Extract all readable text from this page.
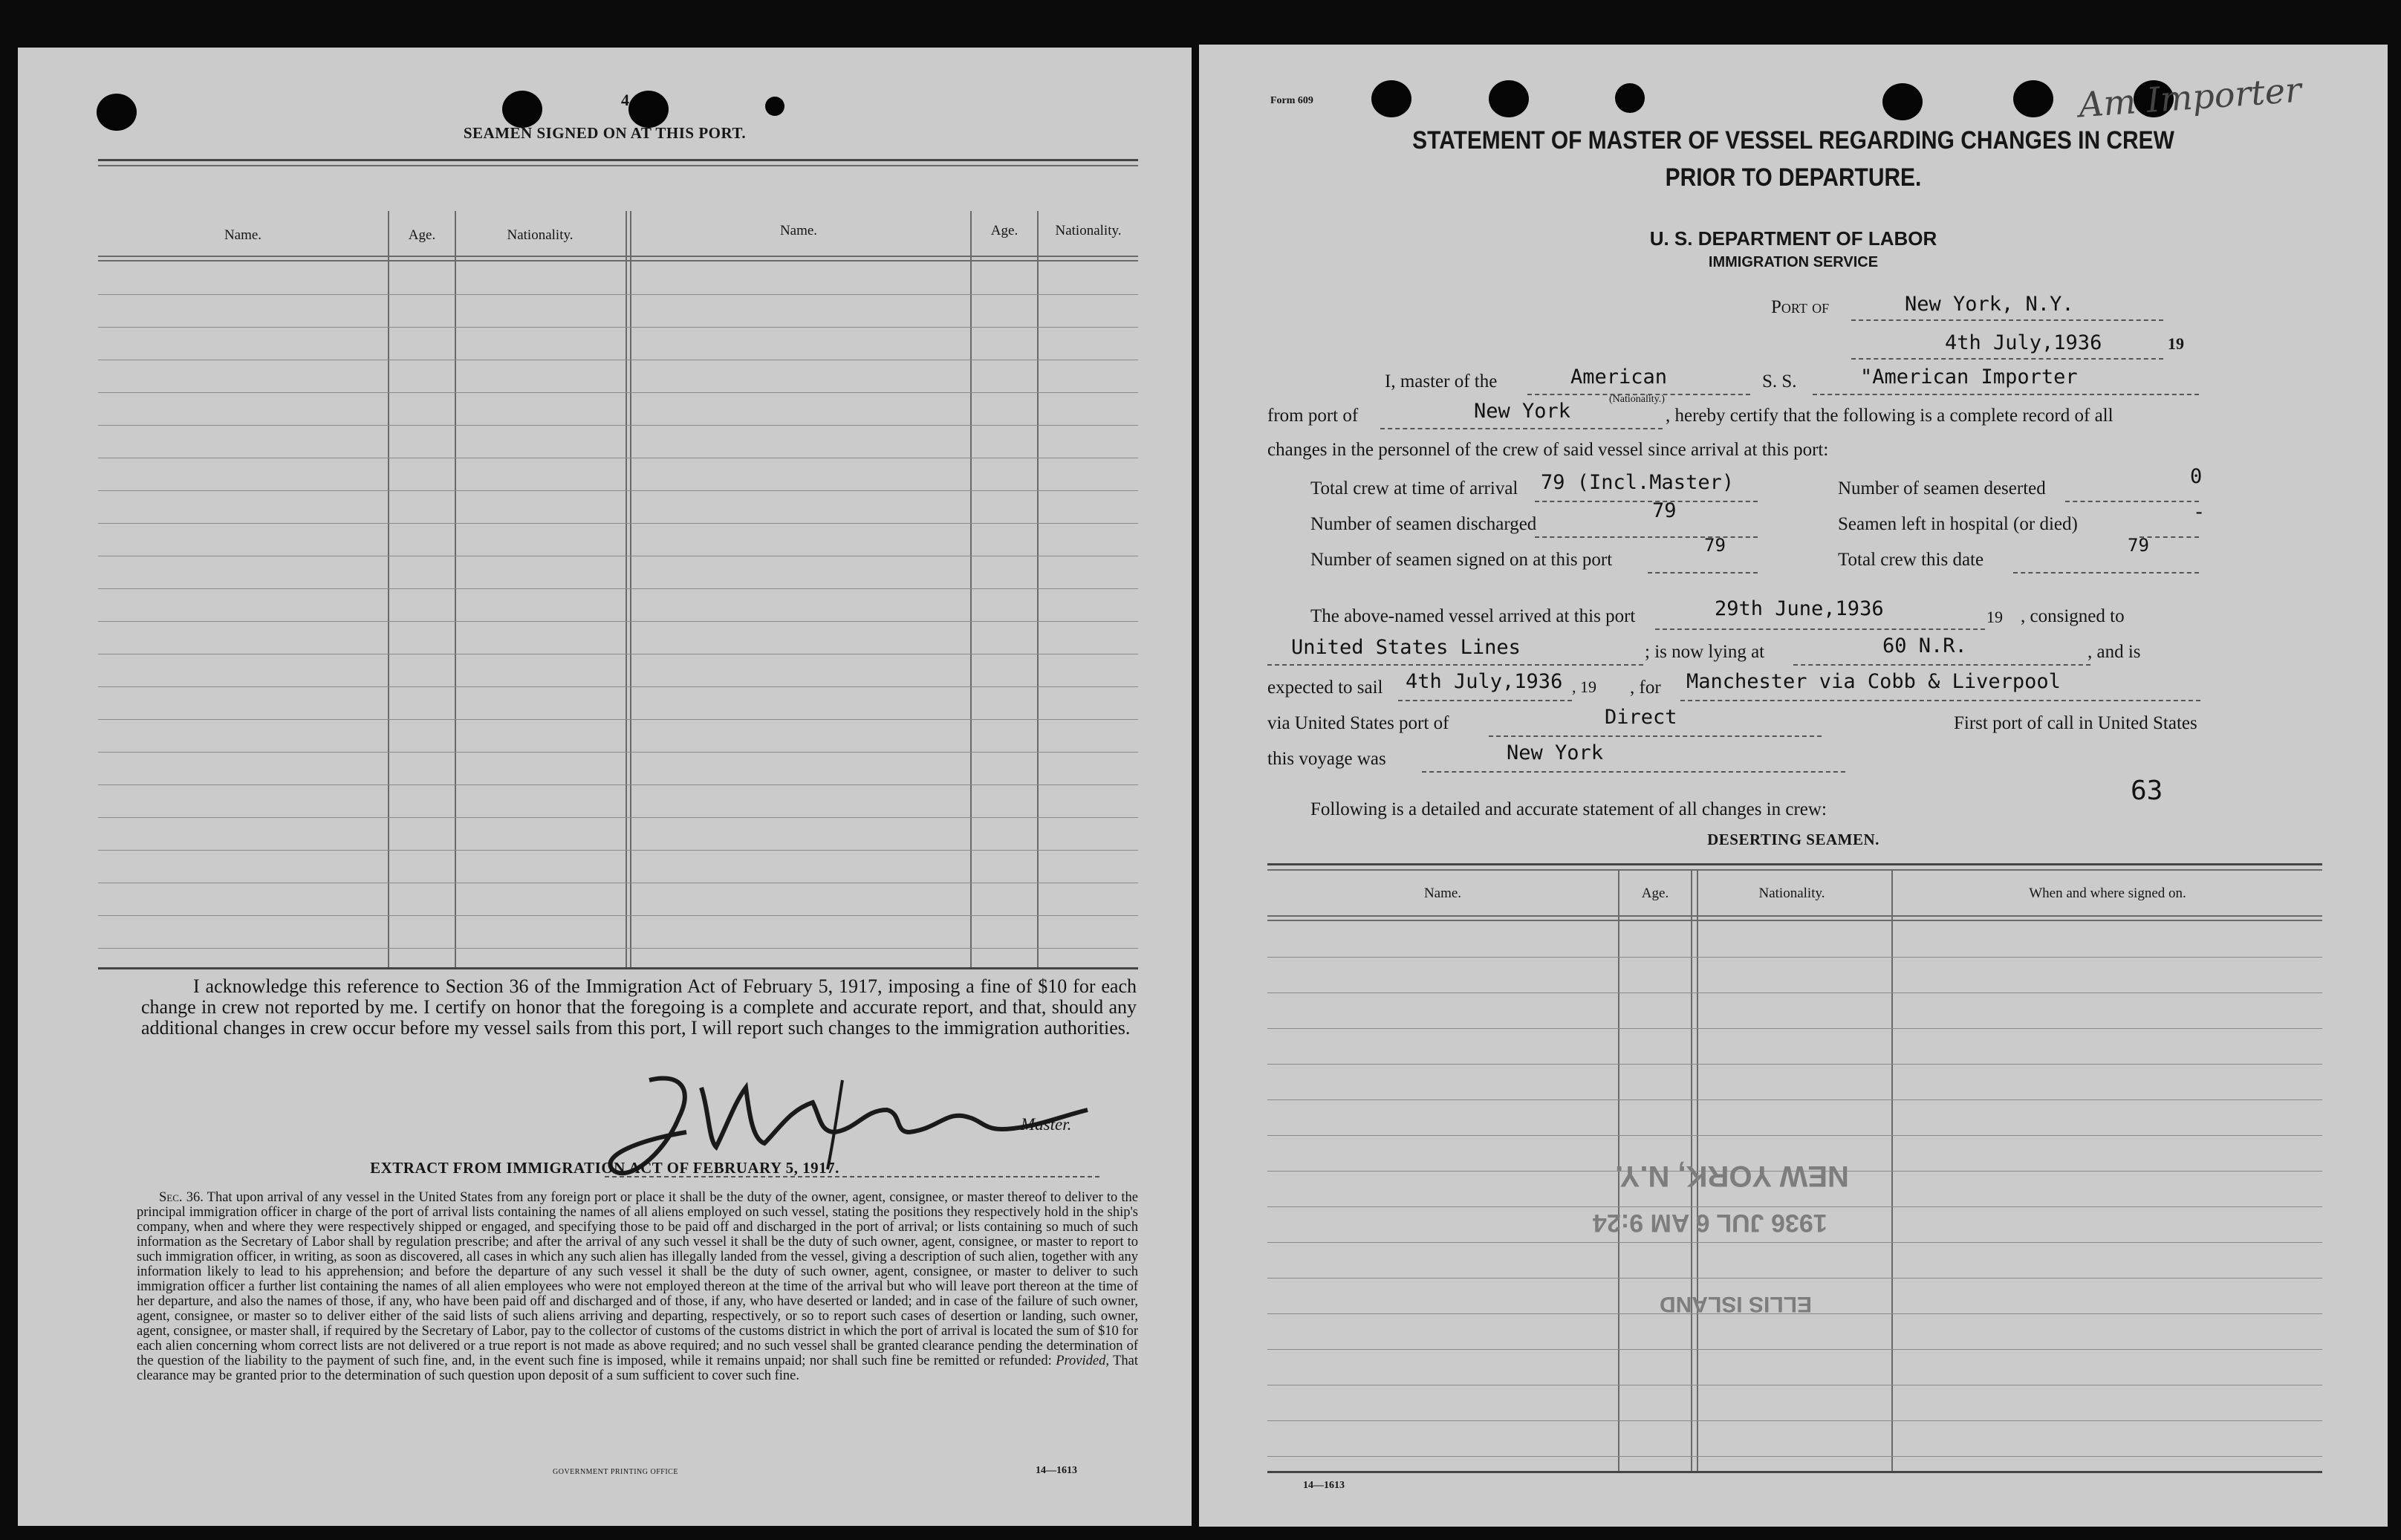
4
SEAMEN SIGNED ON AT THIS PORT.
Name.	Age.	Nationality.	Name.	Age.	Nationality.
I acknowledge this reference to Section 36 of the Immigration Act of February 5, 1917, imposing a fine of $10 for each change in crew not reported by me. I certify on honor that the foregoing is a complete and accurate report, and that, should any additional changes in crew occur before my vessel sails from this port, I will report such changes to the immigration authorities.
Master.
EXTRACT FROM IMMIGRATION ACT OF FEBRUARY 5, 1917.
Sec. 36. That upon arrival of any vessel in the United States from any foreign port or place it shall be the duty of the owner, agent, consignee, or master thereof to deliver to the principal immigration officer in charge of the port of arrival lists containing the names of all aliens employed on such vessel, stating the positions they respectively hold in the ship's company, when and where they were respectively shipped or engaged, and specifying those to be paid off and discharged in the port of arrival; or lists containing so much of such information as the Secretary of Labor shall by regulation prescribe; and after the arrival of any such vessel it shall be the duty of such owner, agent, consignee, or master to report to such immigration officer, in writing, as soon as discovered, all cases in which any such alien has illegally landed from the vessel, giving a description of such alien, together with any information likely to lead to his apprehension; and before the departure of any such vessel it shall be the duty of such owner, agent, consignee, or master to deliver to such immigration officer a further list containing the names of all alien employees who were not employed thereon at the time of the arrival but who will leave port thereon at the time of her departure, and also the names of those, if any, who have been paid off and discharged and of those, if any, who have deserted or landed; and in case of the failure of such owner, agent, consignee, or master so to deliver either of the said lists of such aliens arriving and departing, respectively, or so to report such cases of desertion or landing, such owner, agent, consignee, or master shall, if required by the Secretary of Labor, pay to the collector of customs of the customs district in which the port of arrival is located the sum of $10 for each alien concerning whom correct lists are not delivered or a true report is not made as above required; and no such vessel shall be granted clearance pending the determination of the question of the liability to the payment of such fine, and, in the event such fine is imposed, while it remains unpaid; nor shall such fine be remitted or refunded: Provided, That clearance may be granted prior to the determination of such question upon deposit of a sum sufficient to cover such fine.
GOVERNMENT PRINTING OFFICE	14—1613
Form 609	Am Importer
STATEMENT OF MASTER OF VESSEL REGARDING CHANGES IN CREW
PRIOR TO DEPARTURE.
U. S. DEPARTMENT OF LABOR
IMMIGRATION SERVICE
Port of	New York, N.Y.
4th July,1936	19
I, master of the	American
(Nationality.)
S. S.	"American Importer
from port of	New York	, hereby certify that the following is a complete record of all
changes in the personnel of the crew of said vessel since arrival at this port:
Total crew at time of arrival 79 (Incl.Master)	Number of seamen deserted
0
Number of seamen discharged
79
Seamen left in hospital (or died)
-
Number of seamen signed on at this port
79
Total crew this date
79
The above-named vessel arrived at this port	29th June,1936	19 , consigned to
United States Lines	; is now lying at	60 N.R.	, and is
expected to sail 4th July,1936 , 19 , for Manchester via Cobb & Liverpool
via United States port of	Direct	First port of call in United States
this voyage was	New York
Following is a detailed and accurate statement of all changes in crew:
63
DESERTING SEAMEN.
Name.	Age.	Nationality.	When and where signed on.
NEW YORK, N.Y.
1936 JUL 6 AM 9:24
ELLIS ISLAND
14—1613
